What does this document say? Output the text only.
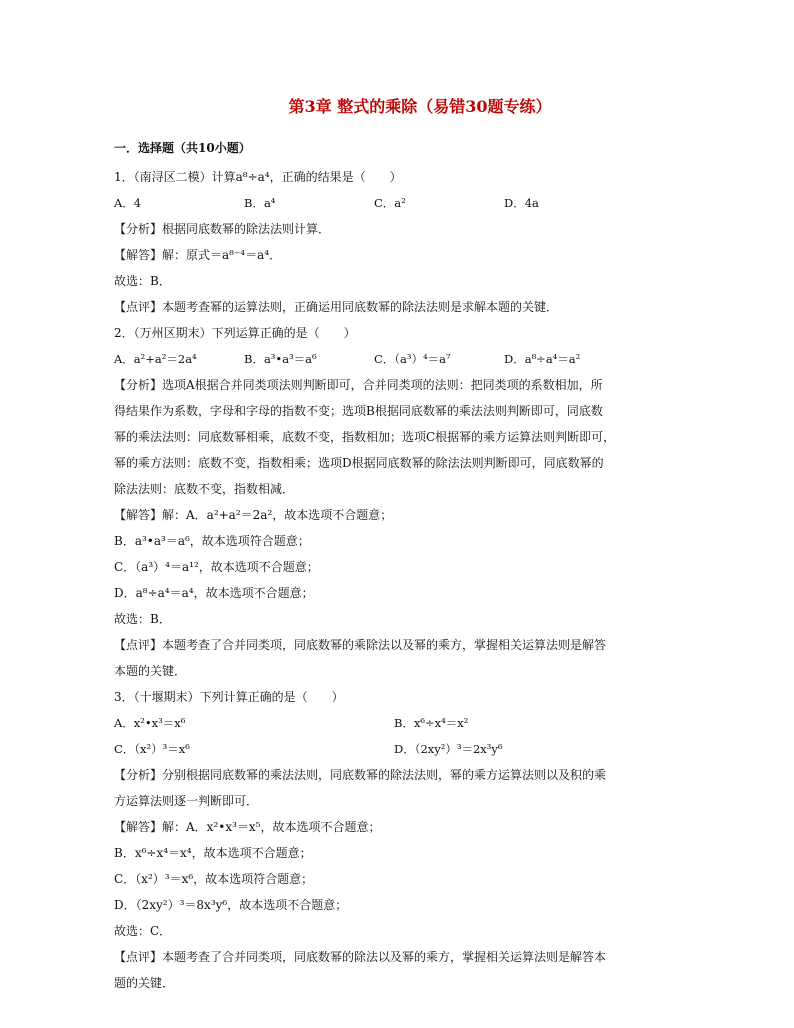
第3章 整式的乘除（易错30题专练）
一．选择题（共10小题）
1．（南浔区二模）计算a⁸÷a⁴，正确的结果是（　　）
A．4	B．a⁴	C．a²	D．4a
【分析】根据同底数幂的除法法则计算．
【解答】解：原式＝a⁸⁻⁴＝a⁴．
故选：B．
【点评】本题考查幂的运算法则，正确运用同底数幂的除法法则是求解本题的关键．
2．（万州区期末）下列运算正确的是（　　）
A．a²+a²＝2a⁴	B．a³•a³＝a⁶	C．（a³）⁴＝a⁷	D．a⁸÷a⁴＝a²
【分析】选项A根据合并同类项法则判断即可，合并同类项的法则：把同类项的系数相加，所
得结果作为系数，字母和字母的指数不变；选项B根据同底数幂的乘法法则判断即可，同底数
幂的乘法法则：同底数幂相乘，底数不变，指数相加；选项C根据幂的乘方运算法则判断即可，
幂的乘方法则：底数不变，指数相乘；选项D根据同底数幂的除法法则判断即可，同底数幂的
除法法则：底数不变，指数相减．
【解答】解：A．a²+a²＝2a²，故本选项不合题意；
B．a³•a³＝a⁶，故本选项符合题意；
C．（a³）⁴＝a¹²，故本选项不合题意；
D．a⁸÷a⁴＝a⁴，故本选项不合题意；
故选：B．
【点评】本题考查了合并同类项，同底数幂的乘除法以及幂的乘方，掌握相关运算法则是解答
本题的关键．
3．（十堰期末）下列计算正确的是（　　）
A．x²•x³＝x⁶	B．x⁶÷x⁴＝x²
C．（x²）³＝x⁶	D．（2xy²）³＝2x³y⁶
【分析】分别根据同底数幂的乘法法则，同底数幂的除法法则，幂的乘方运算法则以及积的乘
方运算法则逐一判断即可．
【解答】解：A．x²•x³＝x⁵，故本选项不合题意；
B．x⁶÷x⁴＝x⁴，故本选项不合题意；
C．（x²）³＝x⁶，故本选项符合题意；
D．（2xy²）³＝8x³y⁶，故本选项不合题意；
故选：C．
【点评】本题考查了合并同类项，同底数幂的除法以及幂的乘方，掌握相关运算法则是解答本
题的关键．
